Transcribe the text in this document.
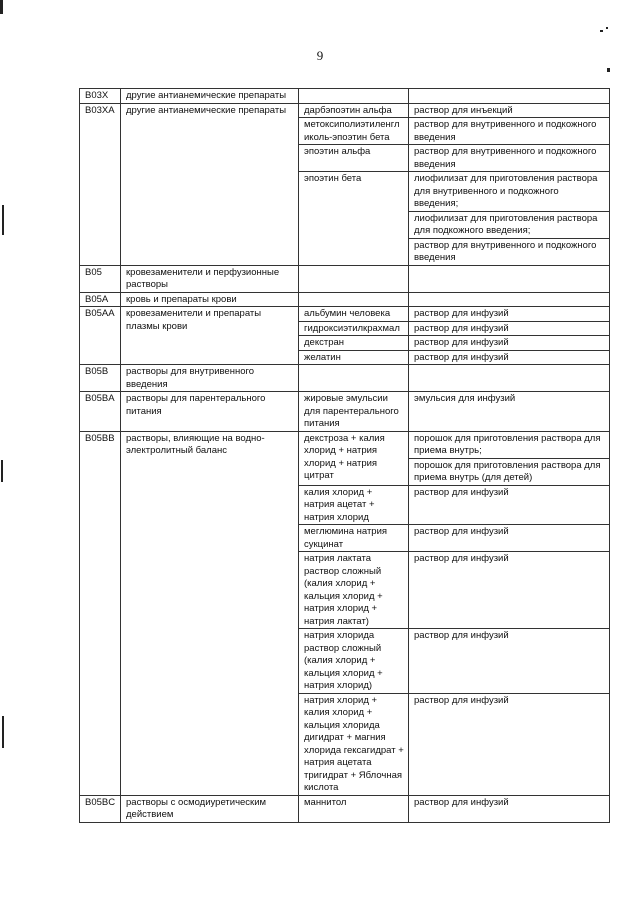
9
B03X	другие антианемические препараты		
B03XA	другие антианемические препараты	дарбэпоэтин альфа	раствор для инъекций
		метоксиполиэтиленгликоль-эпоэтин бета	раствор для внутривенного и подкожного введения
		эпоэтин альфа	раствор для внутривенного и подкожного введения
		эпоэтин бета	лиофилизат для приготовления раствора для внутривенного и подкожного введения;
			лиофилизат для приготовления раствора для подкожного введения;
			раствор для внутривенного и подкожного введения
B05	кровезаменители и перфузионные растворы		
B05A	кровь и препараты крови		
B05AA	кровезаменители и препараты плазмы крови	альбумин человека	раствор для инфузий
		гидроксиэтилкрахмал	раствор для инфузий
		декстран	раствор для инфузий
		желатин	раствор для инфузий
B05B	растворы для внутривенного введения		
B05BA	растворы для парентерального питания	жировые эмульсии для парентерального питания	эмульсия для инфузий
B05BB	растворы, влияющие на водно-электролитный баланс	декстроза + калия хлорид + натрия хлорид + натрия цитрат	порошок для приготовления раствора для приема внутрь;
			порошок для приготовления раствора для приема внутрь (для детей)
		калия хлорид + натрия ацетат + натрия хлорид	раствор для инфузий
		меглюмина натрия сукцинат	раствор для инфузий
		натрия лактата раствор сложный (калия хлорид + кальция хлорид + натрия хлорид + натрия лактат)	раствор для инфузий
		натрия хлорида раствор сложный (калия хлорид + кальция хлорид + натрия хлорид)	раствор для инфузий
		натрия хлорид + калия хлорид + кальция хлорида дигидрат + магния хлорида гексагидрат + натрия ацетата тригидрат + Яблочная кислота	раствор для инфузий
B05BC	растворы с осмодиуретическим действием	маннитол	раствор для инфузий
